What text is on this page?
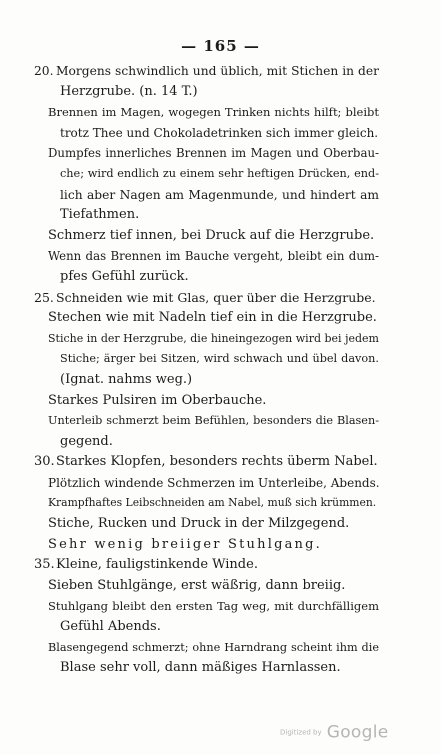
— 165 —
20. Morgens schwindlich und üblich, mit Stichen in der
Herzgrube. (n. 14 T.)
Brennen im Magen, wogegen Trinken nichts hilft; bleibt
trotz Thee und Chokoladetrinken sich immer gleich.
Dumpfes innerliches Brennen im Magen und Oberbau-
che; wird endlich zu einem sehr heftigen Drücken, end-
lich aber Nagen am Magenmunde, und hindert am
Tiefathmen.
Schmerz tief innen, bei Druck auf die Herzgrube.
Wenn das Brennen im Bauche vergeht, bleibt ein dum-
pfes Gefühl zurück.
25. Schneiden wie mit Glas, quer über die Herzgrube.
Stechen wie mit Nadeln tief ein in die Herzgrube.
Stiche in der Herzgrube, die hineingezogen wird bei jedem
Stiche; ärger bei Sitzen, wird schwach und übel davon.
(Ignat. nahms weg.)
Starkes Pulsiren im Oberbauche.
Unterleib schmerzt beim Befühlen, besonders die Blasen-
gegend.
30.Starkes Klopfen, besonders rechts überm Nabel.
Plötzlich windende Schmerzen im Unterleibe, Abends.
Krampfhaftes Leibschneiden am Nabel, muß sich krümmen.
Stiche, Rucken und Druck in der Milzgegend.
Sehr wenig breiiger Stuhlgang.
35.Kleine, fauligstinkende Winde.
Sieben Stuhlgänge, erst wäßrig, dann breiig.
Stuhlgang bleibt den ersten Tag weg, mit durchfälligem
Gefühl Abends.
Blasengegend schmerzt; ohne Harndrang scheint ihm die
Blase sehr voll, dann mäßiges Harnlassen.
Digitized by Google
